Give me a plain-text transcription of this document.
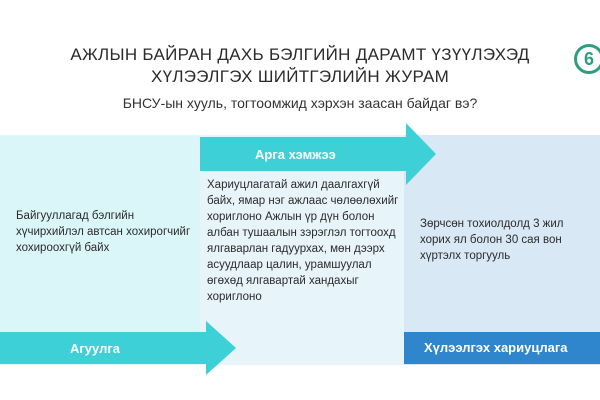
АЖЛЫН БАЙРАН ДАХЬ БЭЛГИЙН ДАРАМТ ҮЗҮҮЛЭХЭД
ХҮЛЭЭЛГЭХ ШИЙТГЭЛИЙН ЖУРАМ
6
БНСУ-ын хууль, тогтоомжид хэрхэн заасан байдаг вэ?
Арга хэмжээ
Байгууллагад бэлгийн хүчирхийлэл автсан хохирогчийг хохироохгүй байх
Хариуцлагатай ажил даалгахгүй байх, ямар нэг ажлаас чөлөөлөхийг хориглоно Ажлын үр дүн болон албан тушаалын зэрэглэл тогтоохд ялгаварлан гадуурхах, мөн дээрх асуудлаар цалин, урамшуулал өгөхөд ялгавартай хандахыг хориглоно
Зөрчсөн тохиолдолд 3 жил хорих ял болон 30 сая вон хүртэлх торгууль
Агуулга	Хүлээлгэх хариуцлага
